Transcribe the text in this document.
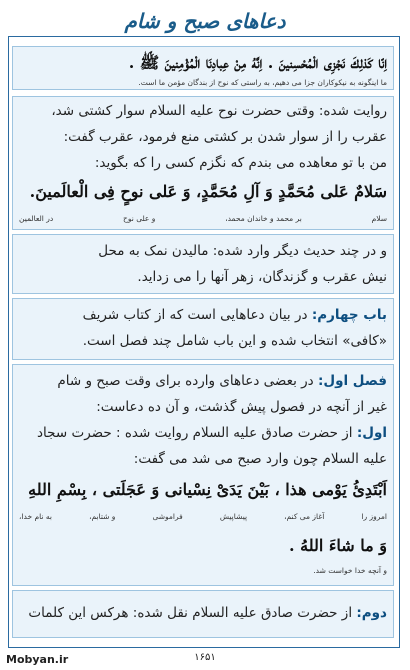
دعاهای صبح و شام
اِنّا كَذلِكَ نَجْزِی الْمُحْسِنينَ . اِنَّهُ مِنْ عِبادِنَا الْمُؤْمِنينَ ﷺ .
ما اینگونه به نیکوکاران جزا می دهیم، به راستی که نوح از بندگان مؤمن ما است.
روایت شده: وقتی حضرت نوح عليه السلام سوار کشتی شد،
عقرب را از سوار شدن بر کشتی منع فرمود، عقرب گفت:
من با تو معاهده می بندم که نگزم کسی را که بگوید:
سَلامٌ عَلی مُحَمَّدٍ وَ آلِ مُحَمَّدٍ، وَ عَلی نوحٍ فِی الْعالَمينَ.
سلام
بر محمد و خاندان محمد،
و علی نوح
در العالمین
و در چند حدیث دیگر وارد شده: مالیدن نمک به محل
نیش عقرب و گزندگان، زهر آنها را می زداید.
باب چهارم: در بیان دعاهایی است که از کتاب شریف
«کافی» انتخاب شده و این باب شامل چند فصل است.
فصل اول: در بعضی دعاهای وارده برای وقت صبح و شام
غیر از آنچه در فصول پیش گذشت، و آن ده دعاست:
اول: از حضرت صادق عليه السلام روایت شده : حضرت سجاد
عليه السلام چون وارد صبح می شد می گفت:
اَبْتَدِئُ يَوْمی هذا ، بَيْنَ يَدَیْ نِسْيانی وَ عَجَلَتی ، بِسْمِ اللهِ
امروز را
آغاز می کنم،
پیشاپیش
فراموشی
و شتابم،
به نام خدا،
وَ ما شاءَ اللهُ .
و آنچه خدا خواست شد.
دوم: از حضرت صادق عليه السلام نقل شده: هرکس این کلمات
۱۶۵۱
Mobyan.ir
